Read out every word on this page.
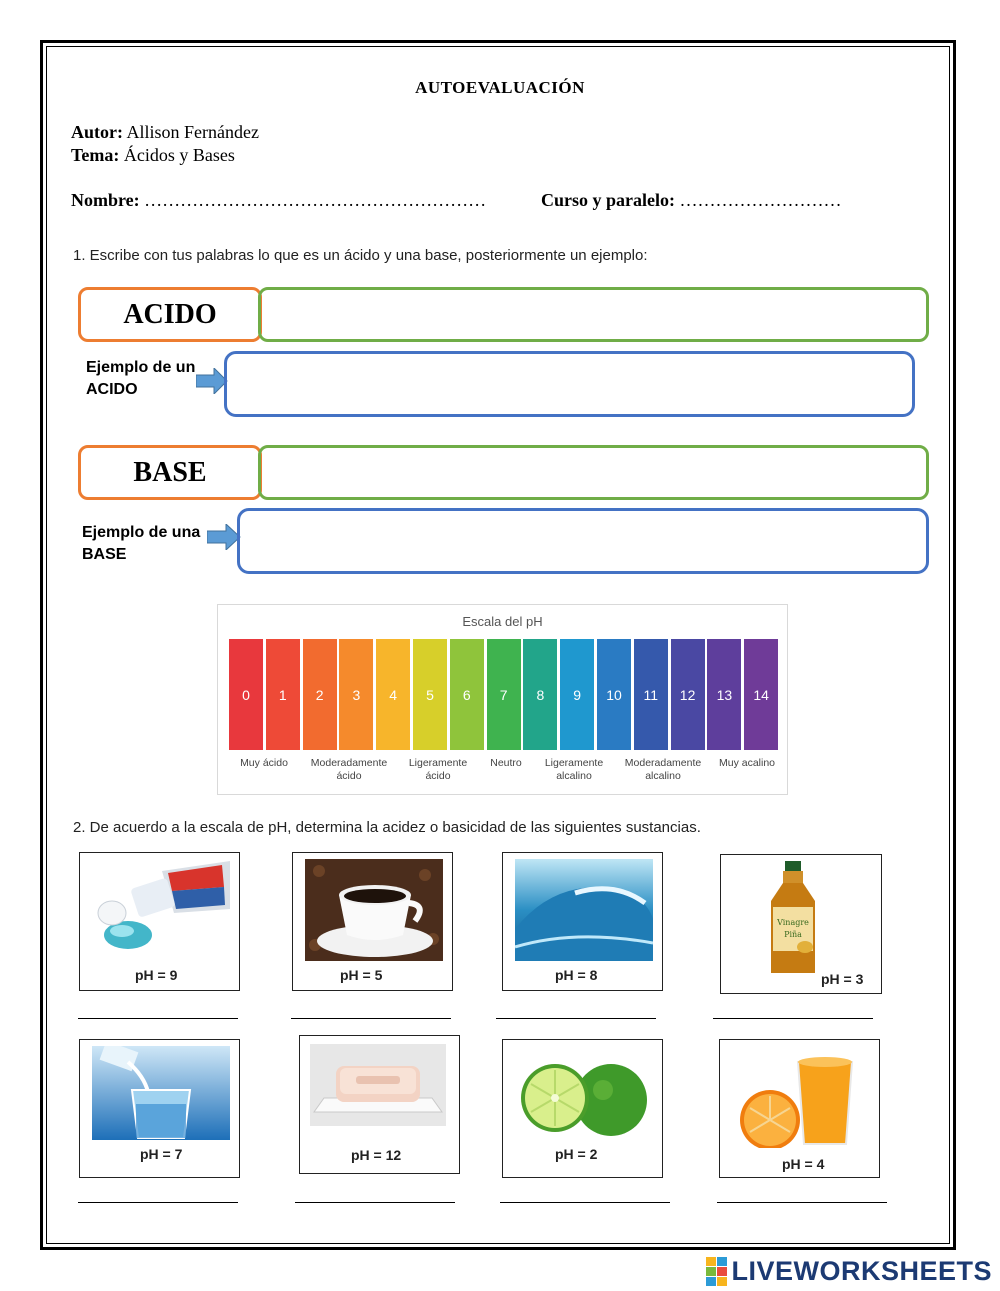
AUTOEVALUACIÓN
Autor: Allison Fernández
Tema: Ácidos y Bases
Nombre: …………………………………………………	Curso y paralelo: ………………………
1. Escribe con tus palabras lo que es un ácido y una base, posteriormente un ejemplo:
ACIDO
Ejemplo de un
ACIDO
BASE
Ejemplo de una
BASE
Escala del pH
0	1	2	3	4	5	6	7	8	9	10	11	12	13	14
Muy ácido	Moderadamente
ácido
Ligeramente
ácido
Neutro	Ligeramente
alcalino
Moderadamente
alcalino
Muy acalino
2. De acuerdo a la escala de pH, determina la acidez o basicidad de las siguientes sustancias.
pH = 9	pH = 5	pH = 8
Vinagre
Piña
pH = 3
pH = 7	pH = 12	pH = 2
pH = 4
LIVEWORKSHEETS
